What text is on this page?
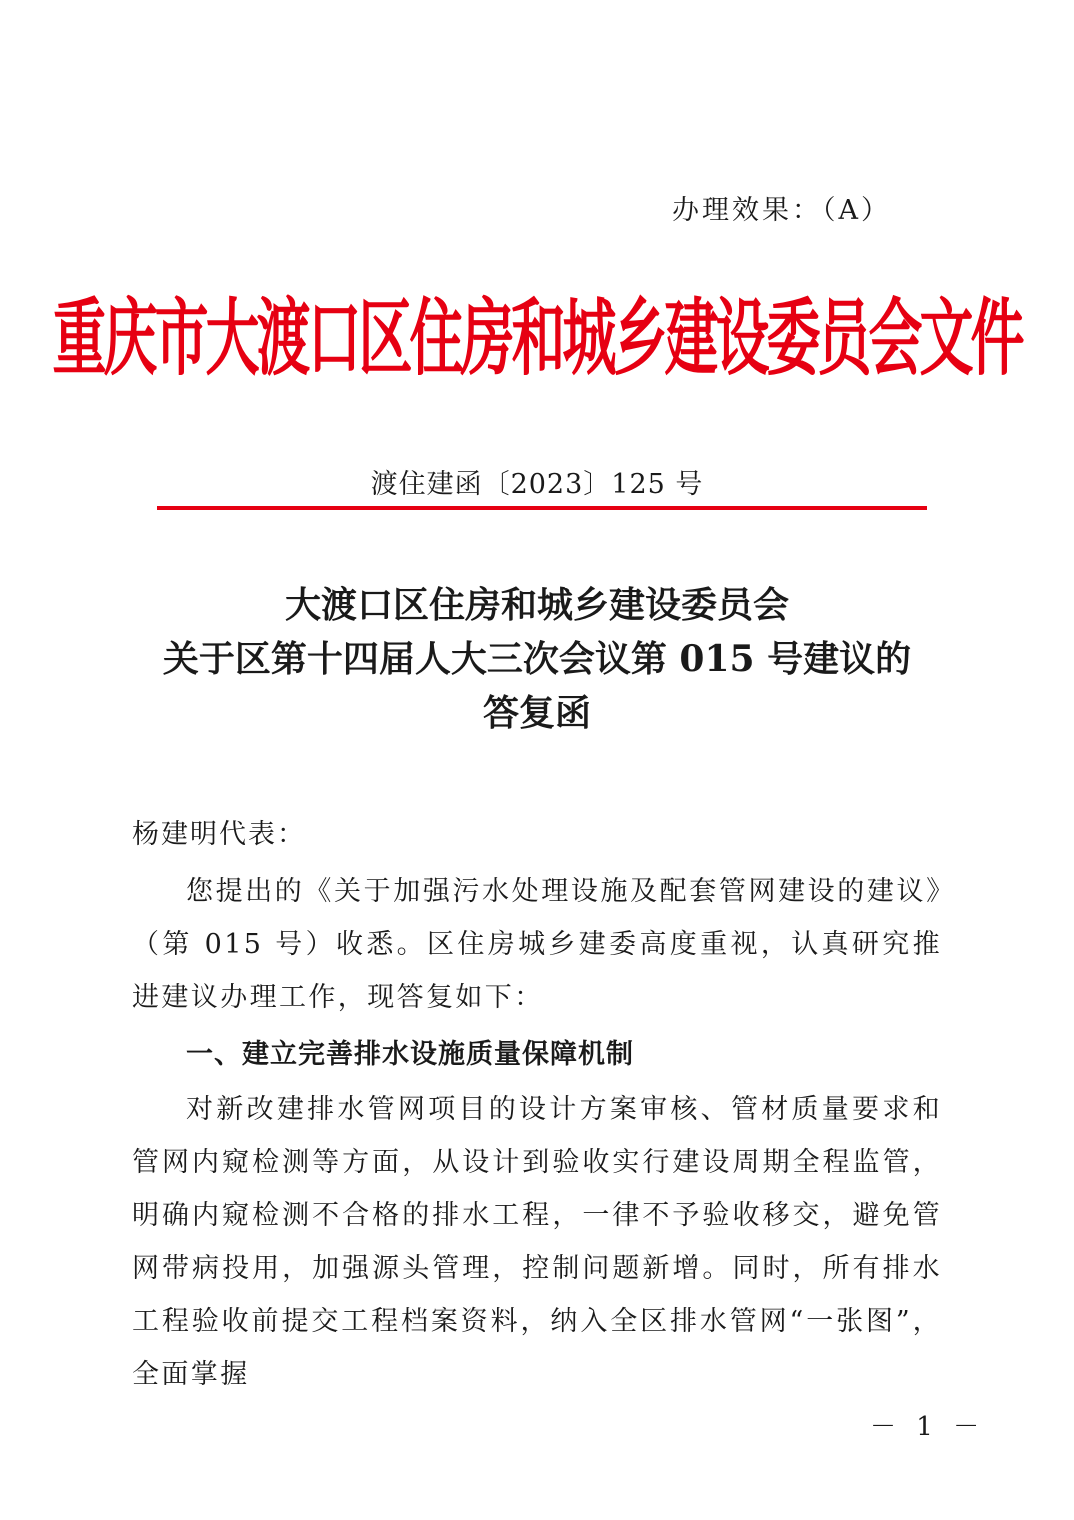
办理效果：（A）
重庆市大渡口区住房和城乡建设委员会文件
渡住建函〔2023〕125 号
大渡口区住房和城乡建设委员会
关于区第十四届人大三次会议第 015 号建议的
答复函

杨建明代表：

您提出的《关于加强污水处理设施及配套管网建设的建议》（第 015 号）收悉。区住房城乡建委高度重视，认真研究推进建议办理工作，现答复如下：

一、建立完善排水设施质量保障机制

对新改建排水管网项目的设计方案审核、管材质量要求和管网内窥检测等方面，从设计到验收实行建设周期全程监管，明确内窥检测不合格的排水工程，一律不予验收移交，避免管网带病投用，加强源头管理，控制问题新增。同时，所有排水工程验收前提交工程档案资料，纳入全区排水管网“一张图”，全面掌握

－ 1 －
